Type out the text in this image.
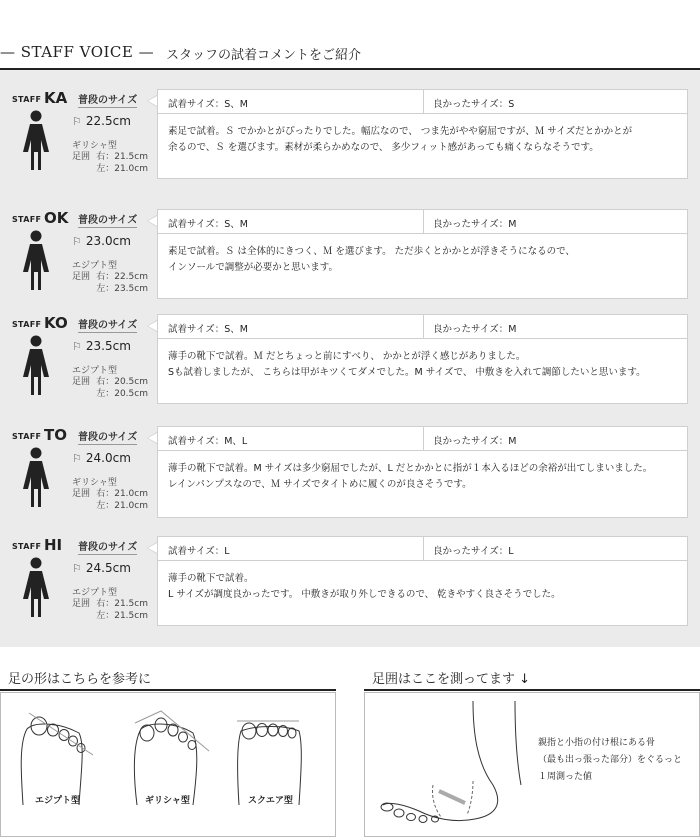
— STAFF VOICE — スタッフの試着コメントをご紹介
STAFF KA 普段のサイズ
⚐ 22.5cm
ギリシャ型
足囲 右：21.5cm
左：21.0cm
試着サイズ：S、M	良かったサイズ：S

素足で試着。Ｓ でかかとがぴったりでした。幅広なので、 つま先がやや窮屈ですが、Ｍ サイズだとかかとが

余るので、Ｓ を選びます。素材が柔らかめなので、 多少フィット感があっても痛くならなそうです。

STAFF OK 普段のサイズ
⚐ 23.0cm
エジプト型
足囲 右：22.5cm
左：23.5cm
試着サイズ：S、M	良かったサイズ：M

素足で試着。Ｓ は全体的にきつく、Ｍ を選びます。 ただ歩くとかかとが浮きそうになるので、

インソールで調整が必要かと思います。

STAFF KO 普段のサイズ
⚐ 23.5cm
エジプト型
足囲 右：20.5cm
左：20.5cm
試着サイズ：S、M	良かったサイズ：M

薄手の靴下で試着。Ｍ だとちょっと前にすべり、 かかとが浮く感じがありました。

Sも試着しましたが、 こちらは甲がキツくてダメでした。M サイズで、 中敷きを入れて調節したいと思います。

STAFF TO 普段のサイズ
⚐ 24.0cm
ギリシャ型
足囲 右：21.0cm
左：21.0cm
試着サイズ：M、L	良かったサイズ：M

薄手の靴下で試着。M サイズは多少窮屈でしたが、L だとかかとに指が１本入るほどの余裕が出てしまいました。

レインパンプスなので、Ｍ サイズでタイトめに履くのが良さそうです。

STAFF HI 普段のサイズ
⚐ 24.5cm
エジプト型
足囲 右：21.5cm
左：21.5cm
試着サイズ：L	良かったサイズ：L

薄手の靴下で試着。

L サイズが調度良かったです。 中敷きが取り外しできるので、 乾きやすく良さそうでした。

足の形はこちらを参考に
エジプト型	ギリシャ型	スクエア型
足囲はここを測ってます ↓
親指と小指の付け根にある骨
（最も出っ張った部分）をぐるっと
１周測った値
